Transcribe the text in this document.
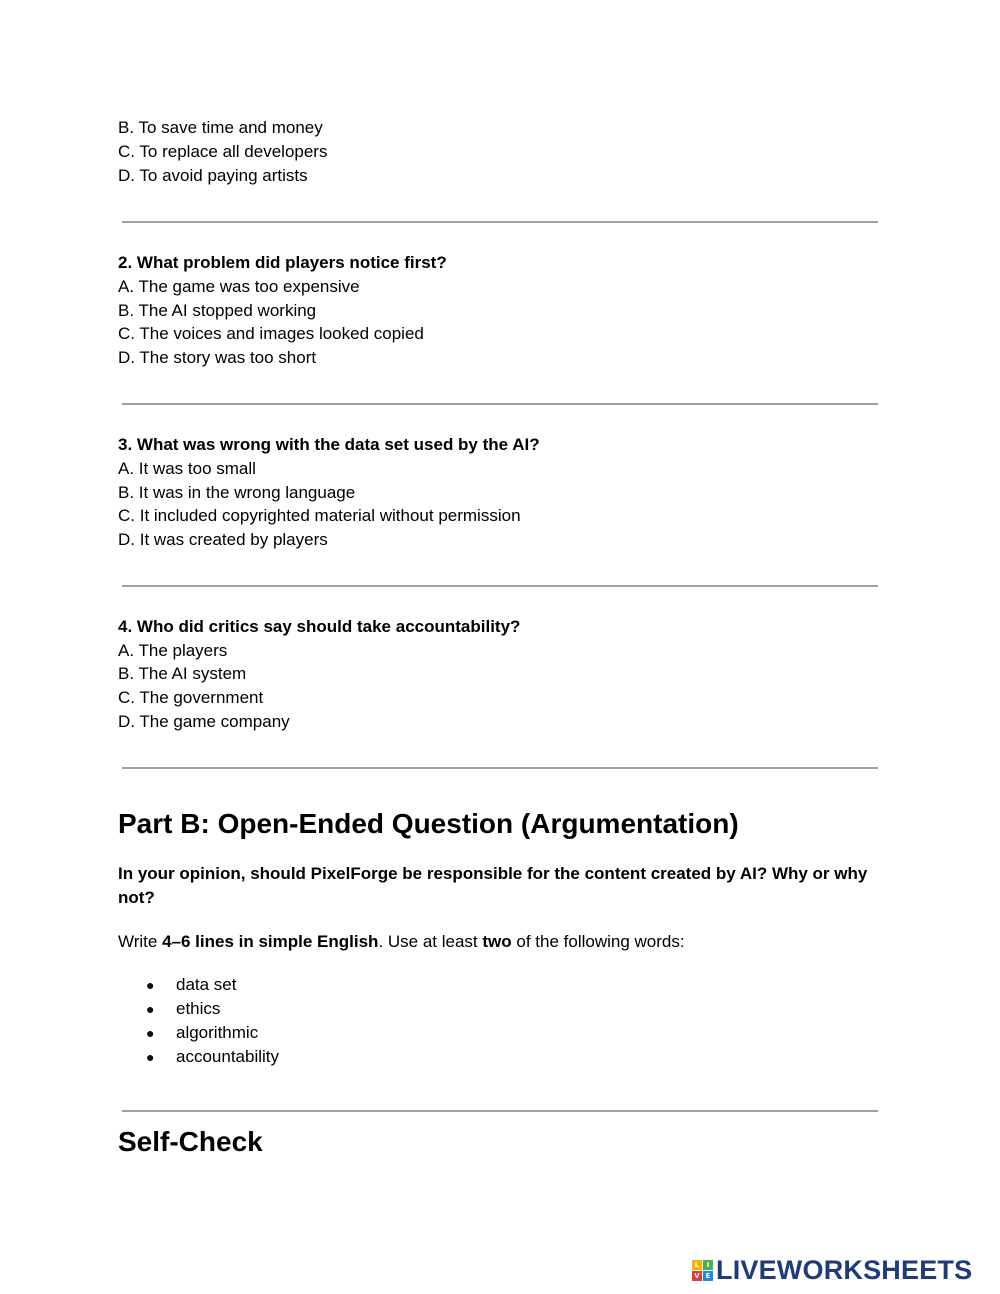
B. To save time and money
C. To replace all developers
D. To avoid paying artists
2. What problem did players notice first?
A. The game was too expensive
B. The AI stopped working
C. The voices and images looked copied
D. The story was too short
3. What was wrong with the data set used by the AI?
A. It was too small
B. It was in the wrong language
C. It included copyrighted material without permission
D. It was created by players
4. Who did critics say should take accountability?
A. The players
B. The AI system
C. The government
D. The game company
Part B: Open-Ended Question (Argumentation)
In your opinion, should PixelForge be responsible for the content created by AI? Why or why not?
Write 4–6 lines in simple English. Use at least two of the following words:
● data set
● ethics
● algorithmic
● accountability
Self-Check
L	I
V E LIVEWORKSHEETS
